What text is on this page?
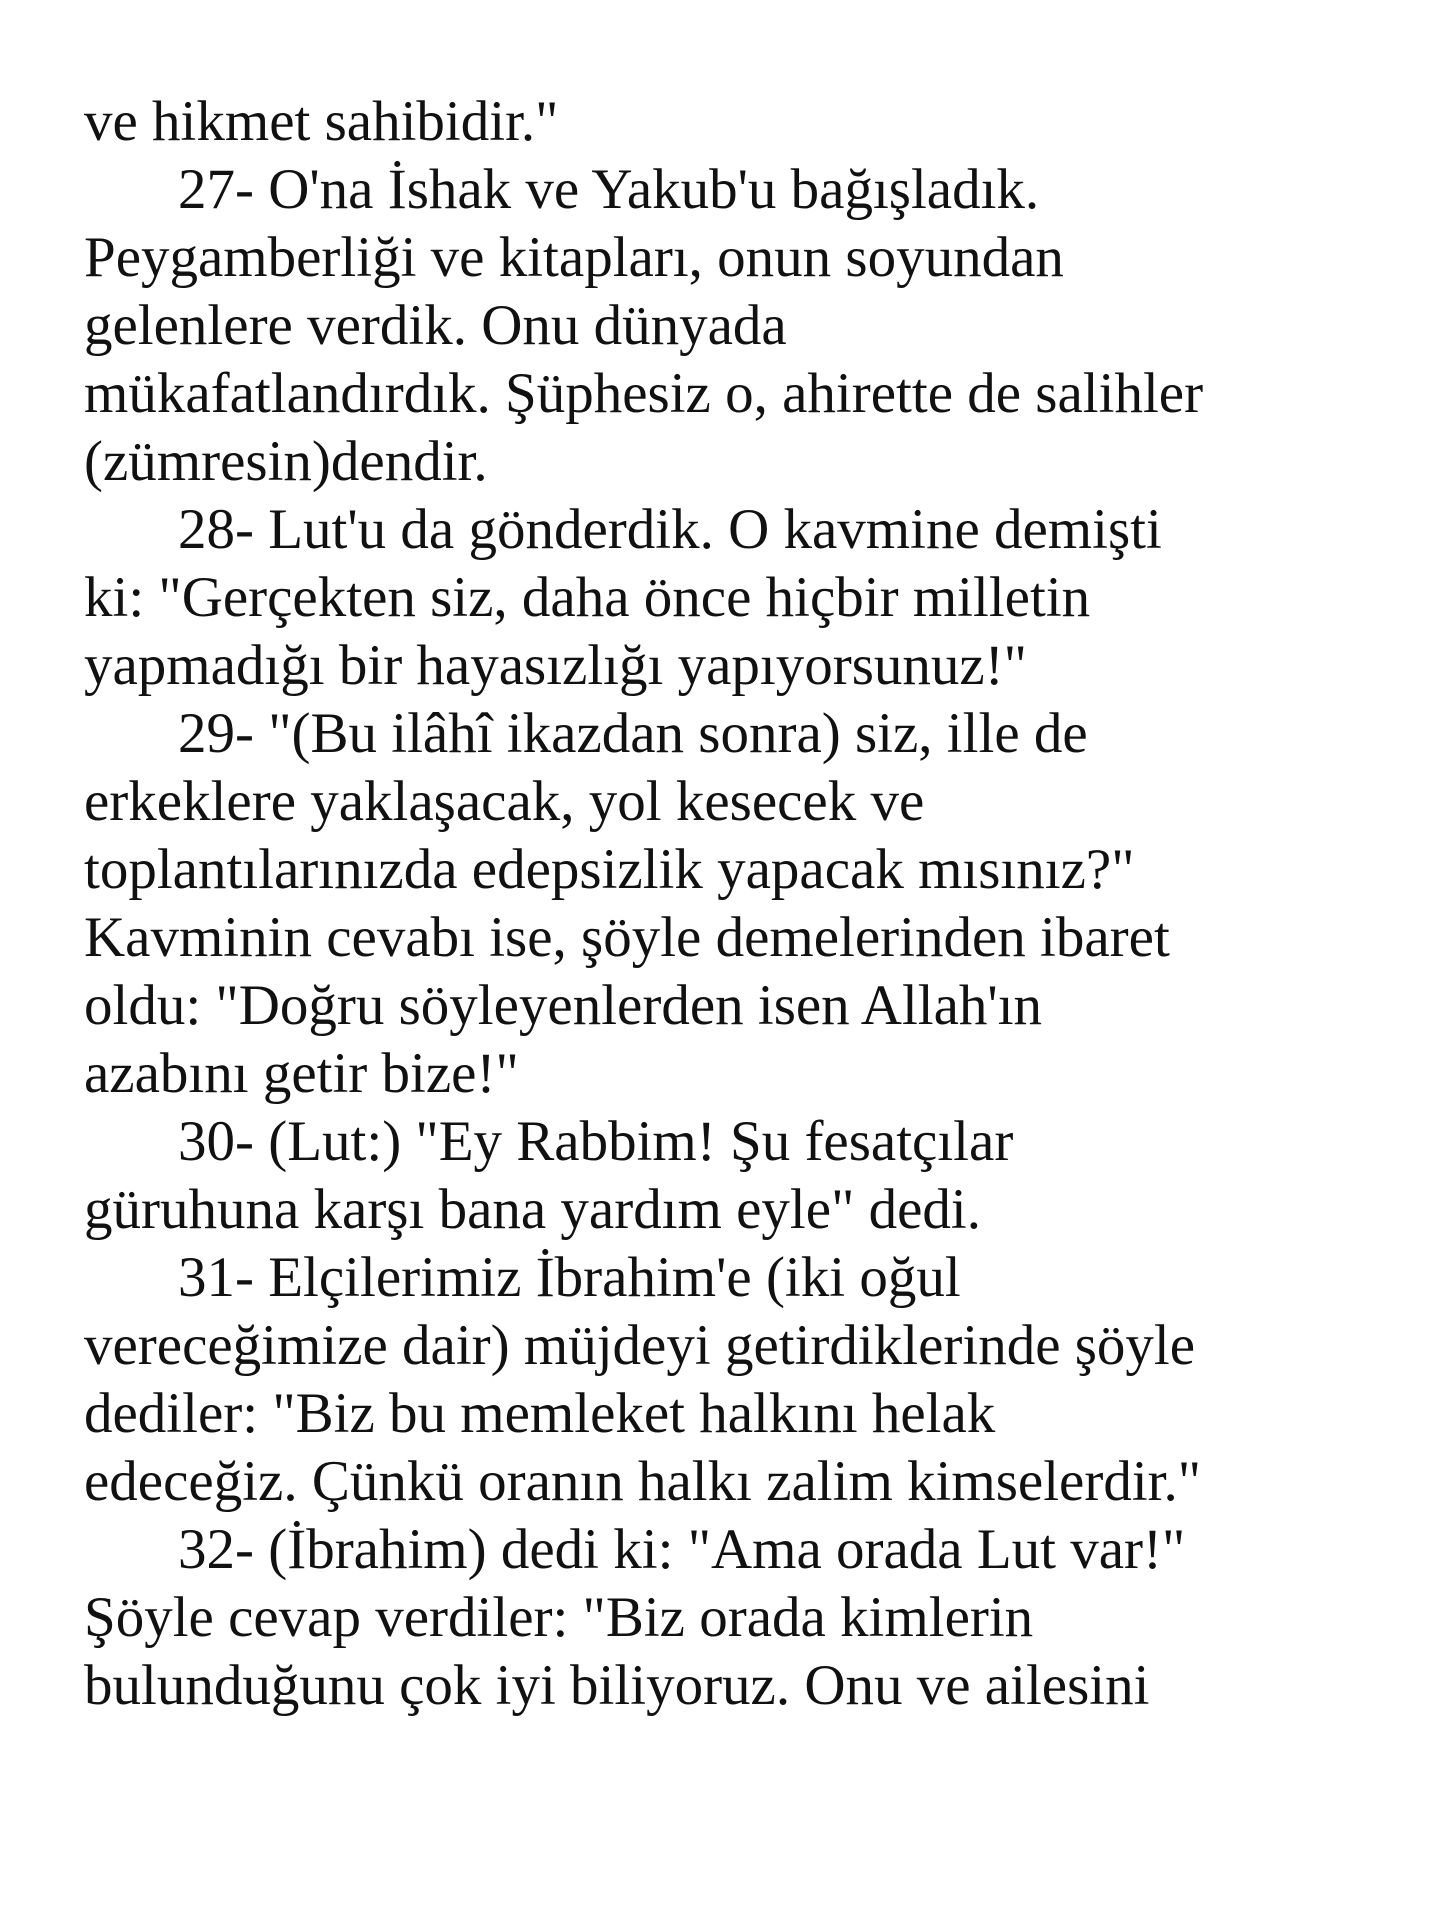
ve hikmet sahibidir."
27- O'na İshak ve Yakub'u bağışladık.
Peygamberliği ve kitapları, onun soyundan
gelenlere verdik. Onu dünyada
mükafatlandırdık. Şüphesiz o, ahirette de salihler
(zümresin)dendir.
28- Lut'u da gönderdik. O kavmine demişti
ki: "Gerçekten siz, daha önce hiçbir milletin
yapmadığı bir hayasızlığı yapıyorsunuz!"
29- "(Bu ilâhî ikazdan sonra) siz, ille de
erkeklere yaklaşacak, yol kesecek ve
toplantılarınızda edepsizlik yapacak mısınız?"
Kavminin cevabı ise, şöyle demelerinden ibaret
oldu: "Doğru söyleyenlerden isen Allah'ın
azabını getir bize!"
30- (Lut:) "Ey Rabbim! Şu fesatçılar
güruhuna karşı bana yardım eyle" dedi.
31- Elçilerimiz İbrahim'e (iki oğul
vereceğimize dair) müjdeyi getirdiklerinde şöyle
dediler: "Biz bu memleket halkını helak
edeceğiz. Çünkü oranın halkı zalim kimselerdir."
32- (İbrahim) dedi ki: "Ama orada Lut var!"
Şöyle cevap verdiler: "Biz orada kimlerin
bulunduğunu çok iyi biliyoruz. Onu ve ailesini
